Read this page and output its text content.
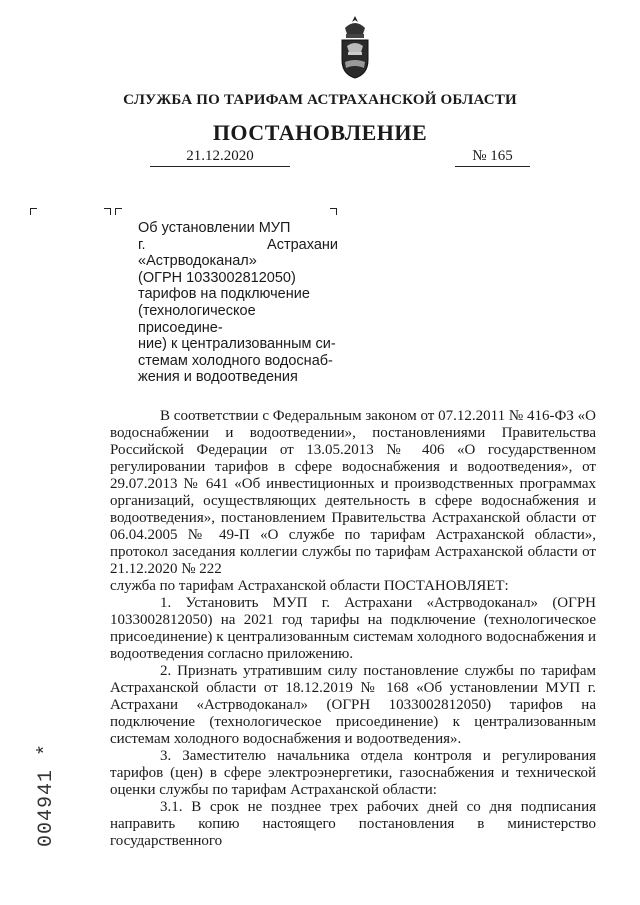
СЛУЖБА ПО ТАРИФАМ АСТРАХАНСКОЙ ОБЛАСТИ
ПОСТАНОВЛЕНИЕ
21.12.2020	№ 165

Об установлении МУП

г. Астрахани «Астрводоканал»

(ОГРН 1033002812050)

тарифов на подключение

(технологическое присоедине-

ние) к централизованным си-

стемам холодного водоснаб-

жения и водоотведения

В соответствии с Федеральным законом от 07.12.2011 № 416-ФЗ «О водоснабжении и водоотведении», постановлениями Правительства Российской Федерации от 13.05.2013 № 406 «О государственном регулировании тарифов в сфере водоснабжения и водоотведения», от 29.07.2013 № 641 «Об инвестиционных и производственных программах организаций, осуществляющих деятельность в сфере водоснабжения и водоотведения», постановлением Правительства Астраханской области от 06.04.2005 № 49-П «О службе по тарифам Астраханской области», протокол заседания коллегии службы по тарифам Астраханской области от 21.12.2020 № 222

служба по тарифам Астраханской области ПОСТАНОВЛЯЕТ:

1. Установить МУП г. Астрахани «Астрводоканал» (ОГРН 1033002812050) на 2021 год тарифы на подключение (технологическое присоединение) к централизованным системам холодного водоснабжения и водоотведения согласно приложению.

2. Признать утратившим силу постановление службы по тарифам Астраханской области от 18.12.2019 № 168 «Об установлении МУП г. Астрахани «Астрводоканал» (ОГРН 1033002812050) тарифов на подключение (технологическое присоединение) к централизованным системам холодного водоснабжения и водоотведения».

3. Заместителю начальника отдела контроля и регулирования тарифов (цен) в сфере электроэнергетики, газоснабжения и технической оценки службы по тарифам Астраханской области:

3.1. В срок не позднее трех рабочих дней со дня подписания направить копию настоящего постановления в министерство государственного

004941 *
